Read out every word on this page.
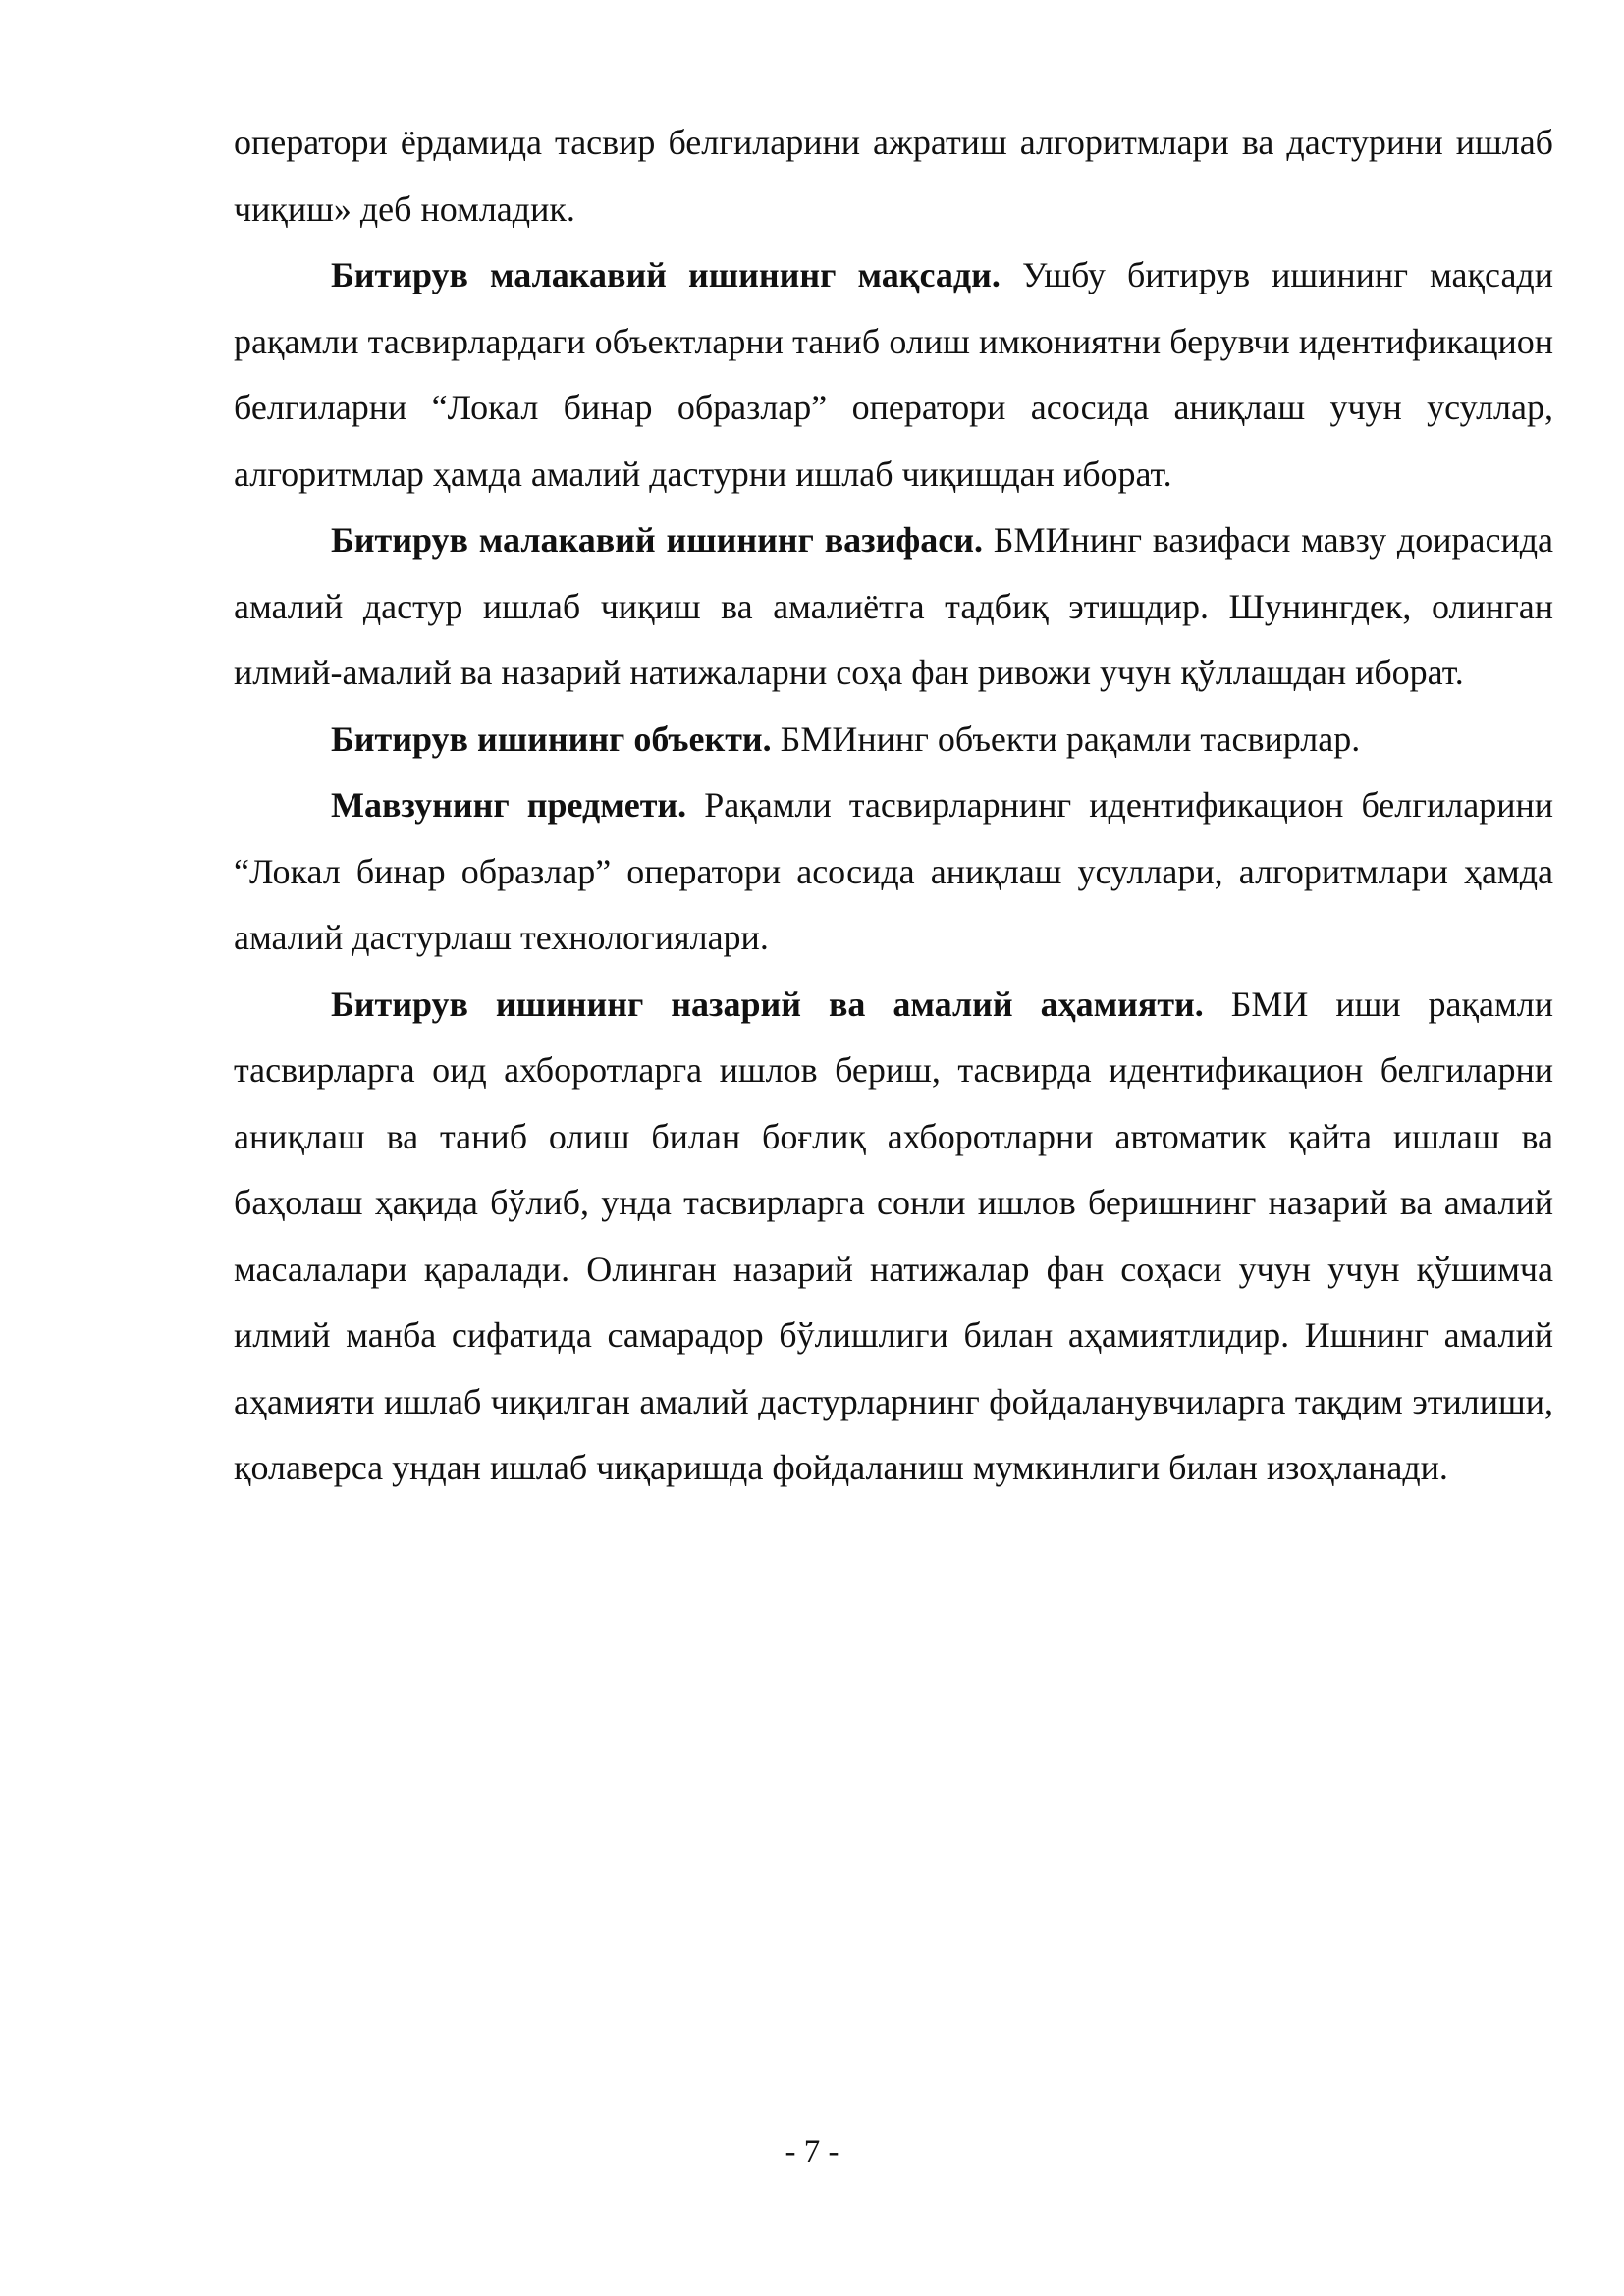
оператори ёрдамида тасвир белгиларини ажратиш алгоритмлари ва дастурини ишлаб чиқиш» деб номладик.

Битирув малакавий ишининг мақсади. Ушбу битирув ишининг мақсади рақамли тасвирлардаги объектларни таниб олиш имкониятни берувчи идентификацион белгиларни “Локал бинар образлар” оператори асосида аниқлаш учун усуллар, алгоритмлар ҳамда амалий дастурни ишлаб чиқишдан иборат.

Битирув малакавий ишининг вазифаси. БМИнинг вазифаси мавзу доирасида амалий дастур ишлаб чиқиш ва амалиётга тадбиқ этишдир. Шунингдек, олинган илмий-амалий ва назарий натижаларни соҳа фан ривожи учун қўллашдан иборат.

Битирув ишининг объекти. БМИнинг объекти рақамли тасвирлар.

Мавзунинг предмети. Рақамли тасвирларнинг идентификацион белгиларини “Локал бинар образлар” оператори асосида аниқлаш усуллари, алгоритмлари ҳамда амалий дастурлаш технологиялари.

Битирув ишининг назарий ва амалий аҳамияти. БМИ иши рақамли тасвирларга оид ахборотларга ишлов бериш, тасвирда идентификацион белгиларни аниқлаш ва таниб олиш билан боғлиқ ахборотларни автоматик қайта ишлаш ва баҳолаш ҳақида бўлиб, унда тасвирларга сонли ишлов беришнинг назарий ва амалий масалалари қаралади. Олинган назарий натижалар фан соҳаси учун учун қўшимча илмий манба сифатида самарадор бўлишлиги билан аҳамиятлидир. Ишнинг амалий аҳамияти ишлаб чиқилган амалий дастурларнинг фойдаланувчиларга тақдим этилиши, қолаверса ундан ишлаб чиқаришда фойдаланиш мумкинлиги билан изоҳланади.

- 7 -
